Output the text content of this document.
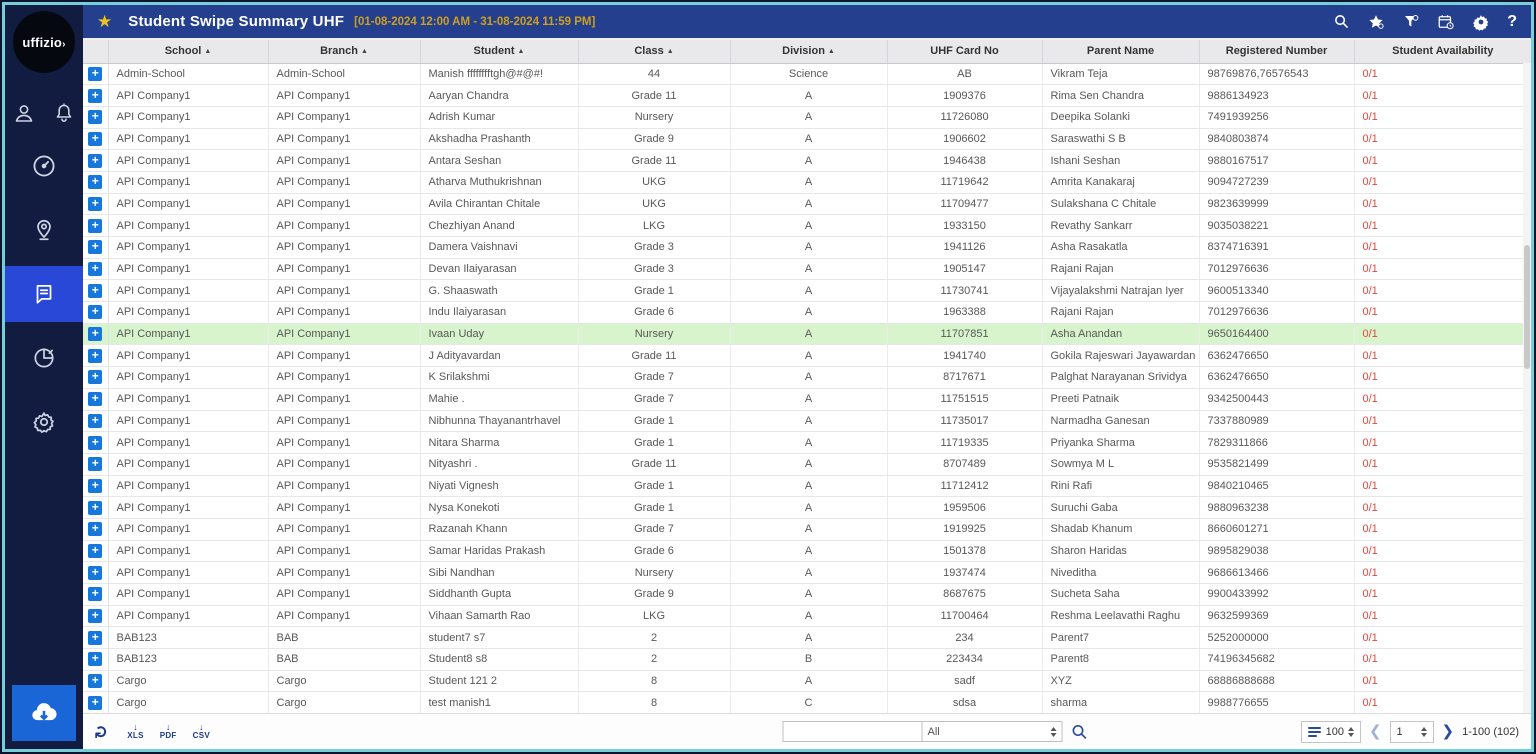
uffizio ›
★ Student Swipe Summary UHF [01-08-2024 12:00 AM - 31-08-2024 11:59 PM]	?
	School ▲	Branch ▲	Student ▲	Class ▲	Division ▲	UHF Card No	Parent Name	Registered Number	Student Availability
+	Admin-School	Admin-School	Manish fffffffftgh@#@#!	44	Science	AB	Vikram Teja	98769876,76576543	0/1
+	API Company1	API Company1	Aaryan Chandra	Grade 11	A	1909376	Rima Sen Chandra	9886134923	0/1
+	API Company1	API Company1	Adrish Kumar	Nursery	A	11726080	Deepika Solanki	7491939256	0/1
+	API Company1	API Company1	Akshadha Prashanth	Grade 9	A	1906602	Saraswathi S B	9840803874	0/1
+	API Company1	API Company1	Antara Seshan	Grade 11	A	1946438	Ishani Seshan	9880167517	0/1
+	API Company1	API Company1	Atharva Muthukrishnan	UKG	A	11719642	Amrita Kanakaraj	9094727239	0/1
+	API Company1	API Company1	Avila Chirantan Chitale	UKG	A	11709477	Sulakshana C Chitale	9823639999	0/1
+	API Company1	API Company1	Chezhiyan Anand	LKG	A	1933150	Revathy Sankarr	9035038221	0/1
+	API Company1	API Company1	Damera Vaishnavi	Grade 3	A	1941126	Asha Rasakatla	8374716391	0/1
+	API Company1	API Company1	Devan Ilaiyarasan	Grade 3	A	1905147	Rajani Rajan	7012976636	0/1
+	API Company1	API Company1	G. Shaaswath	Grade 1	A	11730741	Vijayalakshmi Natrajan Iyer	9600513340	0/1
+	API Company1	API Company1	Indu Ilaiyarasan	Grade 6	A	1963388	Rajani Rajan	7012976636	0/1
+	API Company1	API Company1	Ivaan Uday	Nursery	A	11707851	Asha Anandan	9650164400	0/1
+	API Company1	API Company1	J Adityavardan	Grade 11	A	1941740	Gokila Rajeswari Jayawardan	6362476650	0/1
+	API Company1	API Company1	K Srilakshmi	Grade 7	A	8717671	Palghat Narayanan Srividya	6362476650	0/1
+	API Company1	API Company1	Mahie .	Grade 7	A	11751515	Preeti Patnaik	9342500443	0/1
+	API Company1	API Company1	Nibhunna Thayanantrhavel	Grade 1	A	11735017	Narmadha Ganesan	7337880989	0/1
+	API Company1	API Company1	Nitara Sharma	Grade 1	A	11719335	Priyanka Sharma	7829311866	0/1
+	API Company1	API Company1	Nityashri .	Grade 11	A	8707489	Sowmya M L	9535821499	0/1
+	API Company1	API Company1	Niyati Vignesh	Grade 1	A	11712412	Rini Rafi	9840210465	0/1
+	API Company1	API Company1	Nysa Konekoti	Grade 1	A	1959506	Suruchi Gaba	9880963238	0/1
+	API Company1	API Company1	Razanah Khann	Grade 7	A	1919925	Shadab Khanum	8660601271	0/1
+	API Company1	API Company1	Samar Haridas Prakash	Grade 6	A	1501378	Sharon Haridas	9895829038	0/1
+	API Company1	API Company1	Sibi Nandhan	Nursery	A	1937474	Niveditha	9686613466	0/1
+	API Company1	API Company1	Siddhanth Gupta	Grade 9	A	8687675	Sucheta Saha	9900433992	0/1
+	API Company1	API Company1	Vihaan Samarth Rao	LKG	A	11700464	Reshma Leelavathi Raghu	9632599369	0/1
+	BAB123	BAB	student7 s7	2	A	234	Parent7	5252000000	0/1
+	BAB123	BAB	Student8 s8	2	B	223434	Parent8	74196345682	0/1
+	Cargo	Cargo	Student 121 2	8	A	sadf	XYZ	68886888688	0/1
+	Cargo	Cargo	test manish1	8	C	sdsa	sharma	9988776655	0/1
↻ ↓
XLS
↓
PDF
↓
CSV	All	100 ❮ 1	❯ 1-100 (102)
